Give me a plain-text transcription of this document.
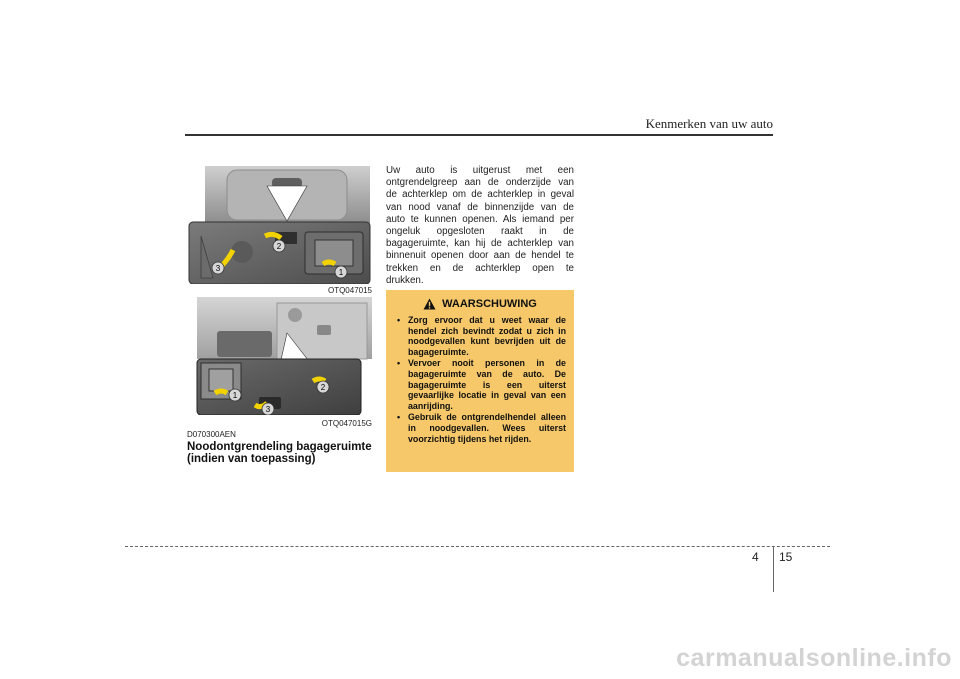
Kenmerken van uw auto
2
3	1
OTQ047015
2
1
3
OTQ047015G
D070300AEN
Noodontgrendeling bagageruimte
(indien van toepassing)
Uw auto is uitgerust met een
ontgrendelgreep aan de onderzijde van
de achterklep om de achterklep in geval
van nood vanaf de binnenzijde van de
auto te kunnen openen. Als iemand per
ongeluk opgesloten raakt in de
bagageruimte, kan hij de achterklep van
binnenuit openen door aan de hendel te
trekken en de achterklep open te
drukken.
WAARSCHUWING
• Zorg ervoor dat u weet waar de hendel zich bevindt zodat u zich in noodgevallen kunt bevrijden uit de bagageruimte.
• Vervoer nooit personen in de bagageruimte van de auto. De bagageruimte is een uiterst gevaarlijke locatie in geval van een aanrijding.
• Gebruik de ontgrendelhendel alleen in noodgevallen. Wees uiterst voorzichtig tijdens het rijden.
4 15
carmanualsonline.info
